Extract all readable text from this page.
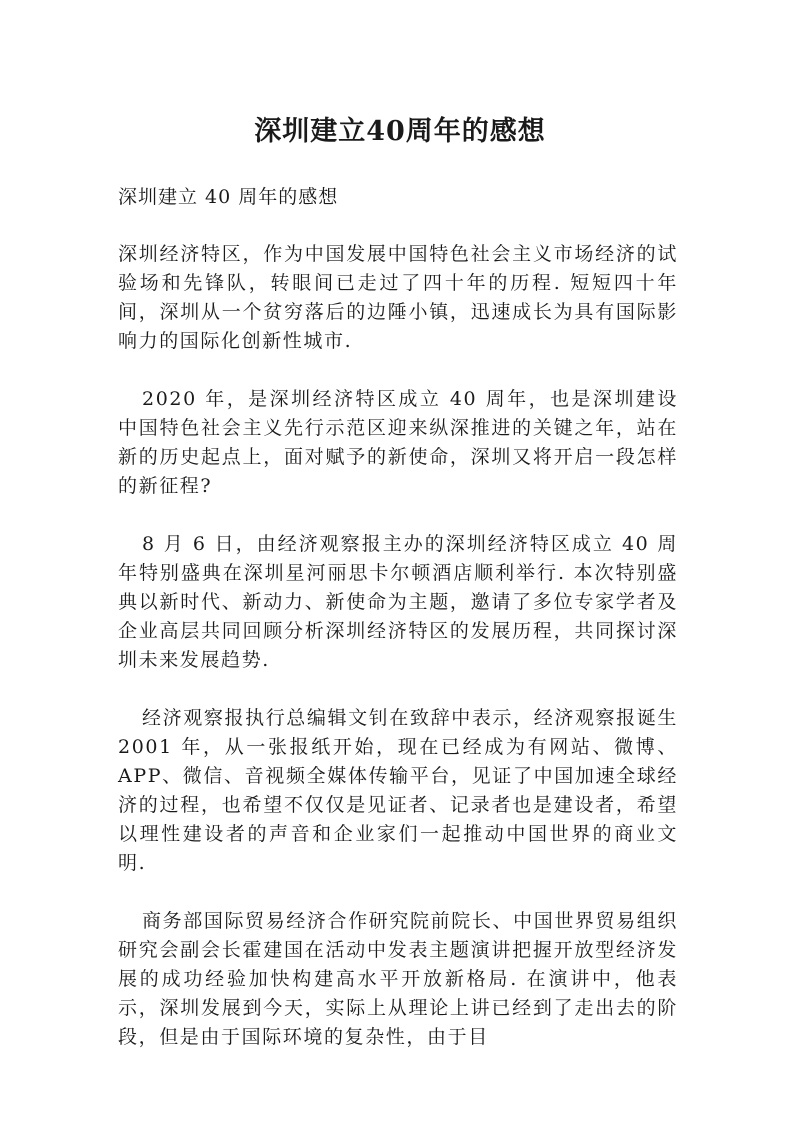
深圳建立40周年的感想

深圳建立 40 周年的感想

深圳经济特区，作为中国发展中国特色社会主义市场经济的试验场和先锋队，转眼间已走过了四十年的历程. 短短四十年间，深圳从一个贫穷落后的边陲小镇，迅速成长为具有国际影响力的国际化创新性城市.

2020 年，是深圳经济特区成立 40 周年，也是深圳建设中国特色社会主义先行示范区迎来纵深推进的关键之年，站在新的历史起点上，面对赋予的新使命，深圳又将开启一段怎样的新征程?

8 月 6 日，由经济观察报主办的深圳经济特区成立 40 周年特别盛典在深圳星河丽思卡尔顿酒店顺利举行. 本次特别盛典以新时代、新动力、新使命为主题，邀请了多位专家学者及企业高层共同回顾分析深圳经济特区的发展历程，共同探讨深圳未来发展趋势.

经济观察报执行总编辑文钊在致辞中表示，经济观察报诞生 2001 年，从一张报纸开始，现在已经成为有网站、微博、APP、微信、音视频全媒体传输平台，见证了中国加速全球经济的过程，也希望不仅仅是见证者、记录者也是建设者，希望以理性建设者的声音和企业家们一起推动中国世界的商业文明.

商务部国际贸易经济合作研究院前院长、中国世界贸易组织研究会副会长霍建国在活动中发表主题演讲把握开放型经济发展的成功经验加快构建高水平开放新格局. 在演讲中，他表示，深圳发展到今天，实际上从理论上讲已经到了走出去的阶段，但是由于国际环境的复杂性，由于目
